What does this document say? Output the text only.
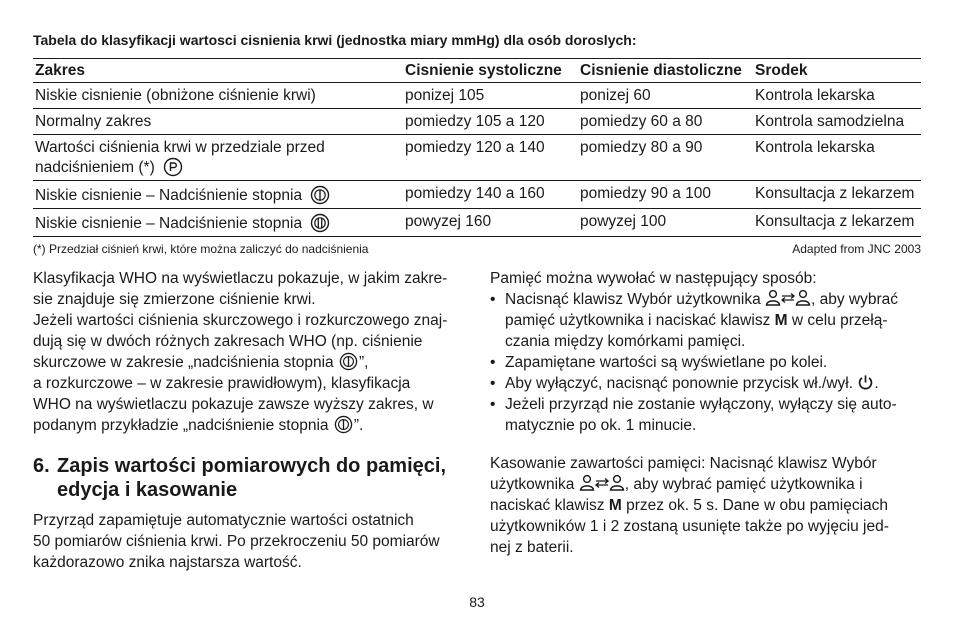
Tabela do klasyfikacji wartosci cisnienia krwi (jednostka miary mmHg) dla osób doroslych:
Zakres	Cisnienie systoliczne	Cisnienie diastoliczne	Srodek
Niskie cisnienie (obniżone ciśnienie krwi)	ponizej 105	ponizej 60	Kontrola lekarska
Normalny zakres	pomiedzy 105 a 120	pomiedzy 60 a 80	Kontrola samodzielna
Wartości ciśnienia krwi w przedziale przed nadciśnieniem (*)	pomiedzy 120 a 140	pomiedzy 80 a 90	Kontrola lekarska
Niskie cisnienie – Nadciśnienie stopnia	pomiedzy 140 a 160	pomiedzy 90 a 100	Konsultacja z lekarzem
Niskie cisnienie – Nadciśnienie stopnia	powyzej 160	powyzej 100	Konsultacja z lekarzem
(*) Przedział ciśnień krwi, które można zaliczyć do nadciśnienia	Adapted from JNC 2003

Klasyfikacja WHO na wyświetlaczu pokazuje, w jakim zakre-

sie znajduje się zmierzone ciśnienie krwi.

Jeżeli wartości ciśnienia skurczowego i rozkurczowego znaj-

dują się w dwóch różnych zakresach WHO (np. ciśnienie

skurczowe w zakresie „nadciśnienia stopnia ”,

a rozkurczowe – w zakresie prawidłowym), klasyfikacja

WHO na wyświetlaczu pokazuje zawsze wyższy zakres, w

podanym przykładzie „nadciśnienie stopnia ”.

6. Zapis wartości pomiarowych do pamięci,
edycja i kasowanie

Przyrząd zapamiętuje automatycznie wartości ostatnich

50 pomiarów ciśnienia krwi. Po przekroczeniu 50 pomiarów

każdorazowo znika najstarsza wartość.

Pamięć można wywołać w następujący sposób:

• Nacisnąć klawisz Wybór użytkownika	, aby wybrać
pamięć użytkownika i naciskać klawisz M w celu przełą-
czania między komórkami pamięci.
• Zapamiętane wartości są wyświetlane po kolei.
• Aby wyłączyć, nacisnąć ponownie przycisk wł./wył. .
• Jeżeli przyrząd nie zostanie wyłączony, wyłączy się auto-
matycznie po ok. 1 minucie.

Kasowanie zawartości pamięci: Nacisnąć klawisz Wybór

użytkownika	, aby wybrać pamięć użytkownika i

naciskać klawisz M przez ok. 5 s. Dane w obu pamięciach

użytkowników 1 i 2 zostaną usunięte także po wyjęciu jed-

nej z baterii.

83
